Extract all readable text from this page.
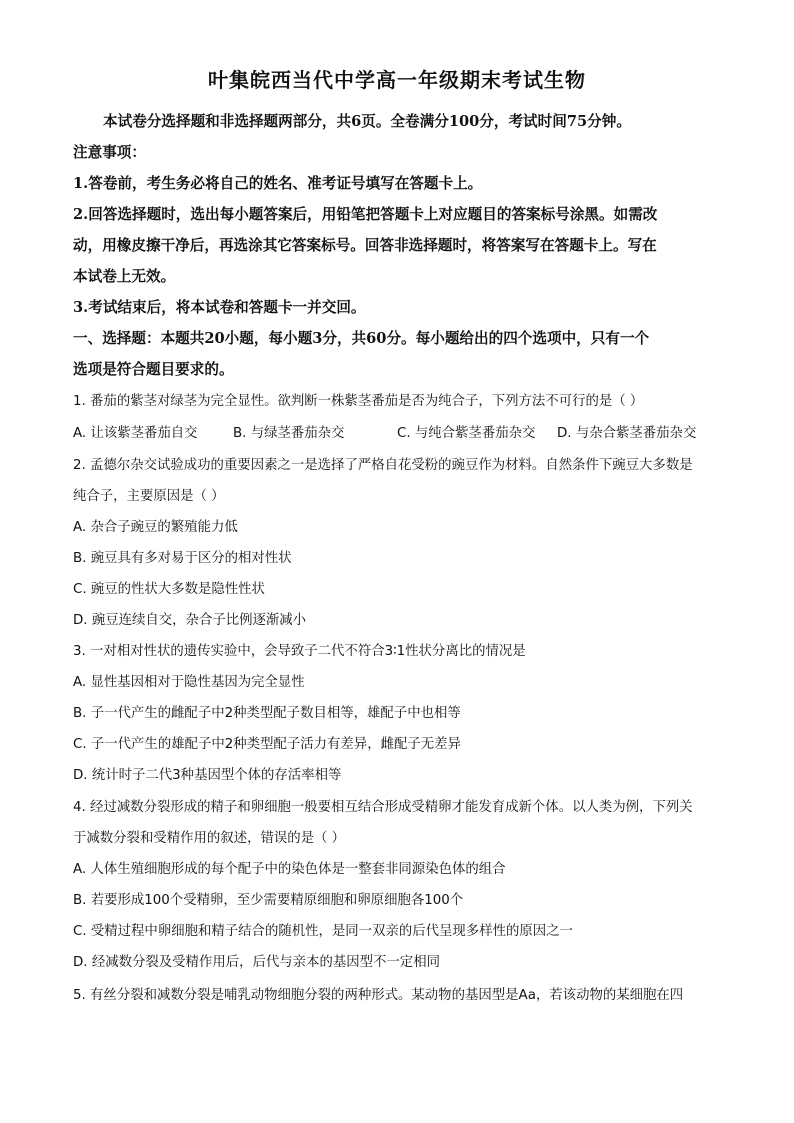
叶集皖西当代中学高一年级期末考试生物
本试卷分选择题和非选择题两部分，共6页。全卷满分100分，考试时间75分钟。
注意事项：
1.答卷前，考生务必将自己的姓名、准考证号填写在答题卡上。
2.回答选择题时，选出每小题答案后，用铅笔把答题卡上对应题目的答案标号涂黑。如需改
动，用橡皮擦干净后，再选涂其它答案标号。回答非选择题时，将答案写在答题卡上。写在
本试卷上无效。
3.考试结束后，将本试卷和答题卡一并交回。
一、选择题：本题共20小题，每小题3分，共60分。每小题给出的四个选项中，只有一个
选项是符合题目要求的。
1. 番茄的紫茎对绿茎为完全显性。欲判断一株紫茎番茄是否为纯合子，下列方法不可行的是（ ）
A. 让该紫茎番茄自交	B. 与绿茎番茄杂交	C. 与纯合紫茎番茄杂交 D. 与杂合紫茎番茄杂交
2. 孟德尔杂交试验成功的重要因素之一是选择了严格自花受粉的豌豆作为材料。自然条件下豌豆大多数是
纯合子，主要原因是（ ）
A. 杂合子豌豆的繁殖能力低
B. 豌豆具有多对易于区分的相对性状
C. 豌豆的性状大多数是隐性性状
D. 豌豆连续自交，杂合子比例逐渐减小
3. 一对相对性状的遗传实验中，会导致子二代不符合3∶1性状分离比的情况是
A. 显性基因相对于隐性基因为完全显性
B. 子一代产生的雌配子中2种类型配子数目相等，雄配子中也相等
C. 子一代产生的雄配子中2种类型配子活力有差异，雌配子无差异
D. 统计时子二代3种基因型个体的存活率相等
4. 经过减数分裂形成的精子和卵细胞一般要相互结合形成受精卵才能发育成新个体。以人类为例，下列关
于减数分裂和受精作用的叙述，错误的是（ ）
A. 人体生殖细胞形成的每个配子中的染色体是一整套非同源染色体的组合
B. 若要形成100个受精卵，至少需要精原细胞和卵原细胞各100个
C. 受精过程中卵细胞和精子结合的随机性，是同一双亲的后代呈现多样性的原因之一
D. 经减数分裂及受精作用后，后代与亲本的基因型不一定相同
5. 有丝分裂和减数分裂是哺乳动物细胞分裂的两种形式。某动物的基因型是Aa，若该动物的某细胞在四
